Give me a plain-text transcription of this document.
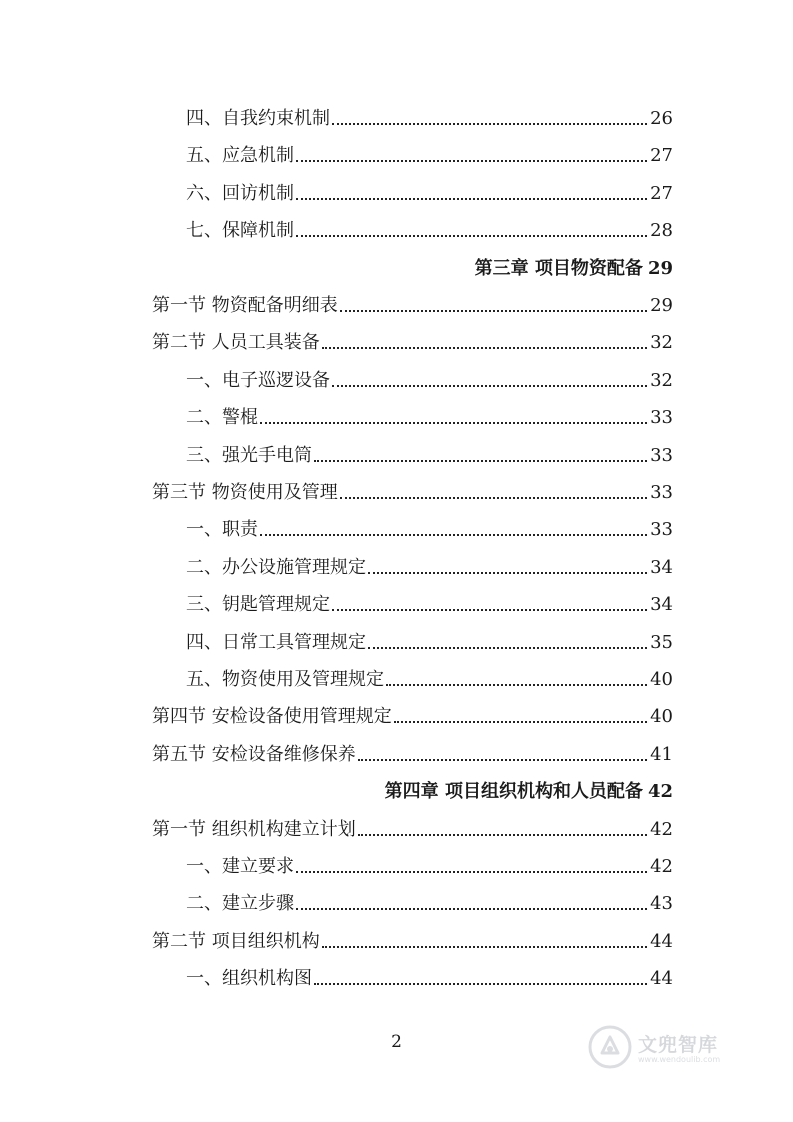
四、自我约束机制	26
五、应急机制	27
六、回访机制	27
七、保障机制	28
第三章 项目物资配备 29
第一节 物资配备明细表	29
第二节 人员工具装备	32
一、电子巡逻设备	32
二、警棍	33
三、强光手电筒	33
第三节 物资使用及管理	33
一、职责	33
二、办公设施管理规定	34
三、钥匙管理规定	34
四、日常工具管理规定	35
五、物资使用及管理规定	40
第四节 安检设备使用管理规定	40
第五节 安检设备维修保养	41
第四章 项目组织机构和人员配备 42
第一节 组织机构建立计划	42
一、建立要求	42
二、建立步骤	43
第二节 项目组织机构	44
一、组织机构图	44
2	文兜智库
www.wendoulib.com
